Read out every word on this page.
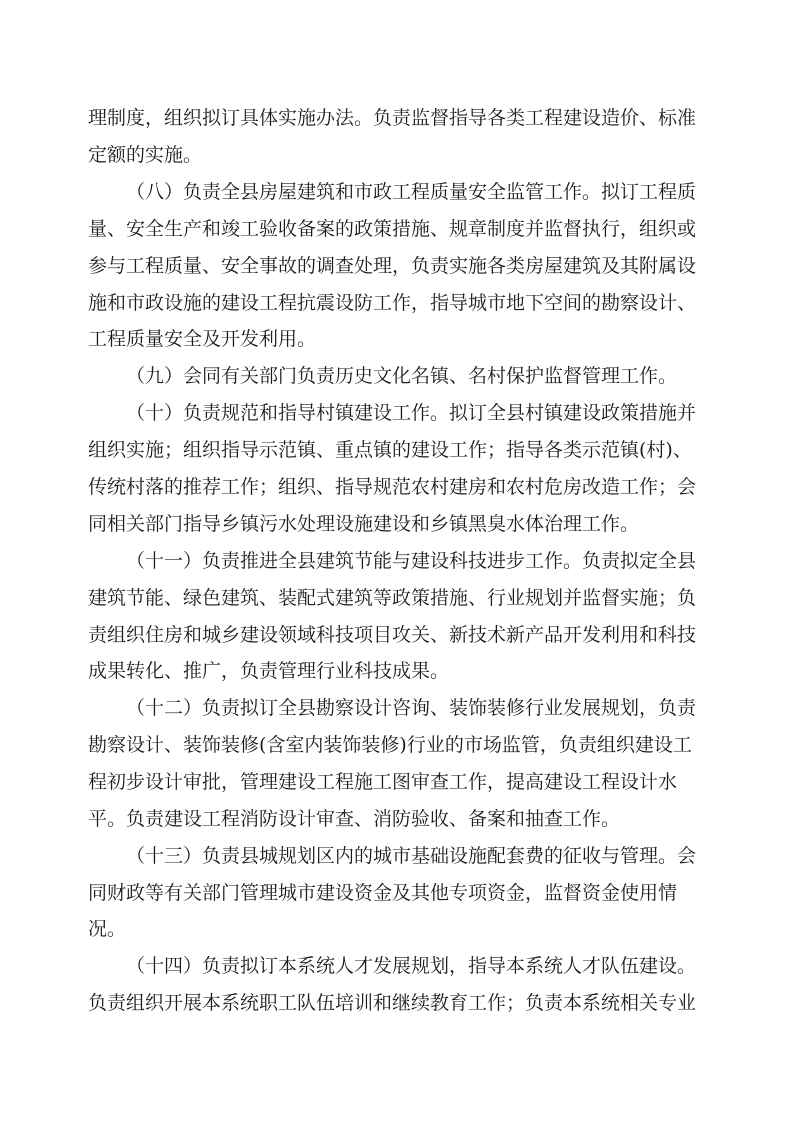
理制度，组织拟订具体实施办法。负责监督指导各类工程建设造价、标准
定额的实施。
（八）负责全县房屋建筑和市政工程质量安全监管工作。拟订工程质
量、安全生产和竣工验收备案的政策措施、规章制度并监督执行，组织或
参与工程质量、安全事故的调查处理，负责实施各类房屋建筑及其附属设
施和市政设施的建设工程抗震设防工作，指导城市地下空间的勘察设计、
工程质量安全及开发利用。
（九）会同有关部门负责历史文化名镇、名村保护监督管理工作。
（十）负责规范和指导村镇建设工作。拟订全县村镇建设政策措施并
组织实施；组织指导示范镇、重点镇的建设工作；指导各类示范镇(村)、
传统村落的推荐工作；组织、指导规范农村建房和农村危房改造工作；会
同相关部门指导乡镇污水处理设施建设和乡镇黑臭水体治理工作。
（十一）负责推进全县建筑节能与建设科技进步工作。负责拟定全县
建筑节能、绿色建筑、装配式建筑等政策措施、行业规划并监督实施；负
责组织住房和城乡建设领域科技项目攻关、新技术新产品开发利用和科技
成果转化、推广，负责管理行业科技成果。
（十二）负责拟订全县勘察设计咨询、装饰装修行业发展规划，负责
勘察设计、装饰装修(含室内装饰装修)行业的市场监管，负责组织建设工
程初步设计审批，管理建设工程施工图审查工作，提高建设工程设计水
平。负责建设工程消防设计审查、消防验收、备案和抽查工作。
（十三）负责县城规划区内的城市基础设施配套费的征收与管理。会
同财政等有关部门管理城市建设资金及其他专项资金，监督资金使用情
况。
（十四）负责拟订本系统人才发展规划，指导本系统人才队伍建设。
负责组织开展本系统职工队伍培训和继续教育工作；负责本系统相关专业
